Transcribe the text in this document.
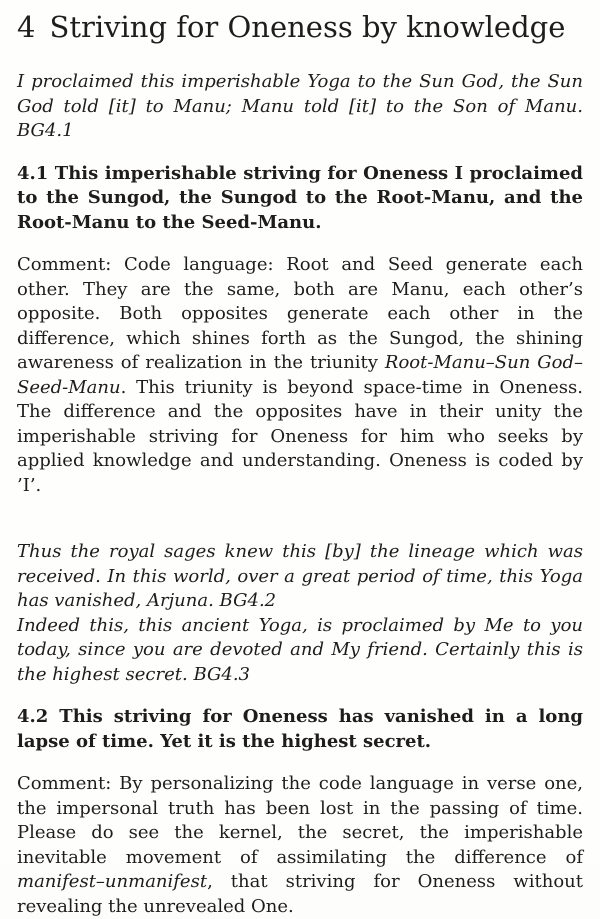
4 Striving for Oneness by knowledge

I proclaimed this imperishable Yoga to the Sun God, the Sun God told [it] to Manu; Manu told [it] to the Son of Manu. BG4.1

4.1 This imperishable striving for Oneness I proclaimed to the Sungod, the Sungod to the Root-Manu, and the Root-Manu to the Seed-Manu.

Comment: Code language: Root and Seed generate each other. They are the same, both are Manu, each other’s opposite. Both opposites generate each other in the difference, which shines forth as the Sungod, the shining awareness of realization in the triunity Root-Manu–Sun God–Seed-Manu. This triunity is beyond space-time in Oneness. The difference and the opposites have in their unity the imperishable striving for Oneness for him who seeks by applied knowledge and understanding. Oneness is coded by ’I’.

Thus the royal sages knew this [by] the lineage which was received. In this world, over a great period of time, this Yoga has vanished, Arjuna. BG4.2

Indeed this, this ancient Yoga, is proclaimed by Me to you today, since you are devoted and My friend. Certainly this is the highest secret. BG4.3

4.2 This striving for Oneness has vanished in a long lapse of time. Yet it is the highest secret.

Comment: By personalizing the code language in verse one, the impersonal truth has been lost in the passing of time. Please do see the kernel, the secret, the imperishable inevitable movement of assimilating the difference of manifest–unmanifest, that striving for Oneness without revealing the unrevealed One.
